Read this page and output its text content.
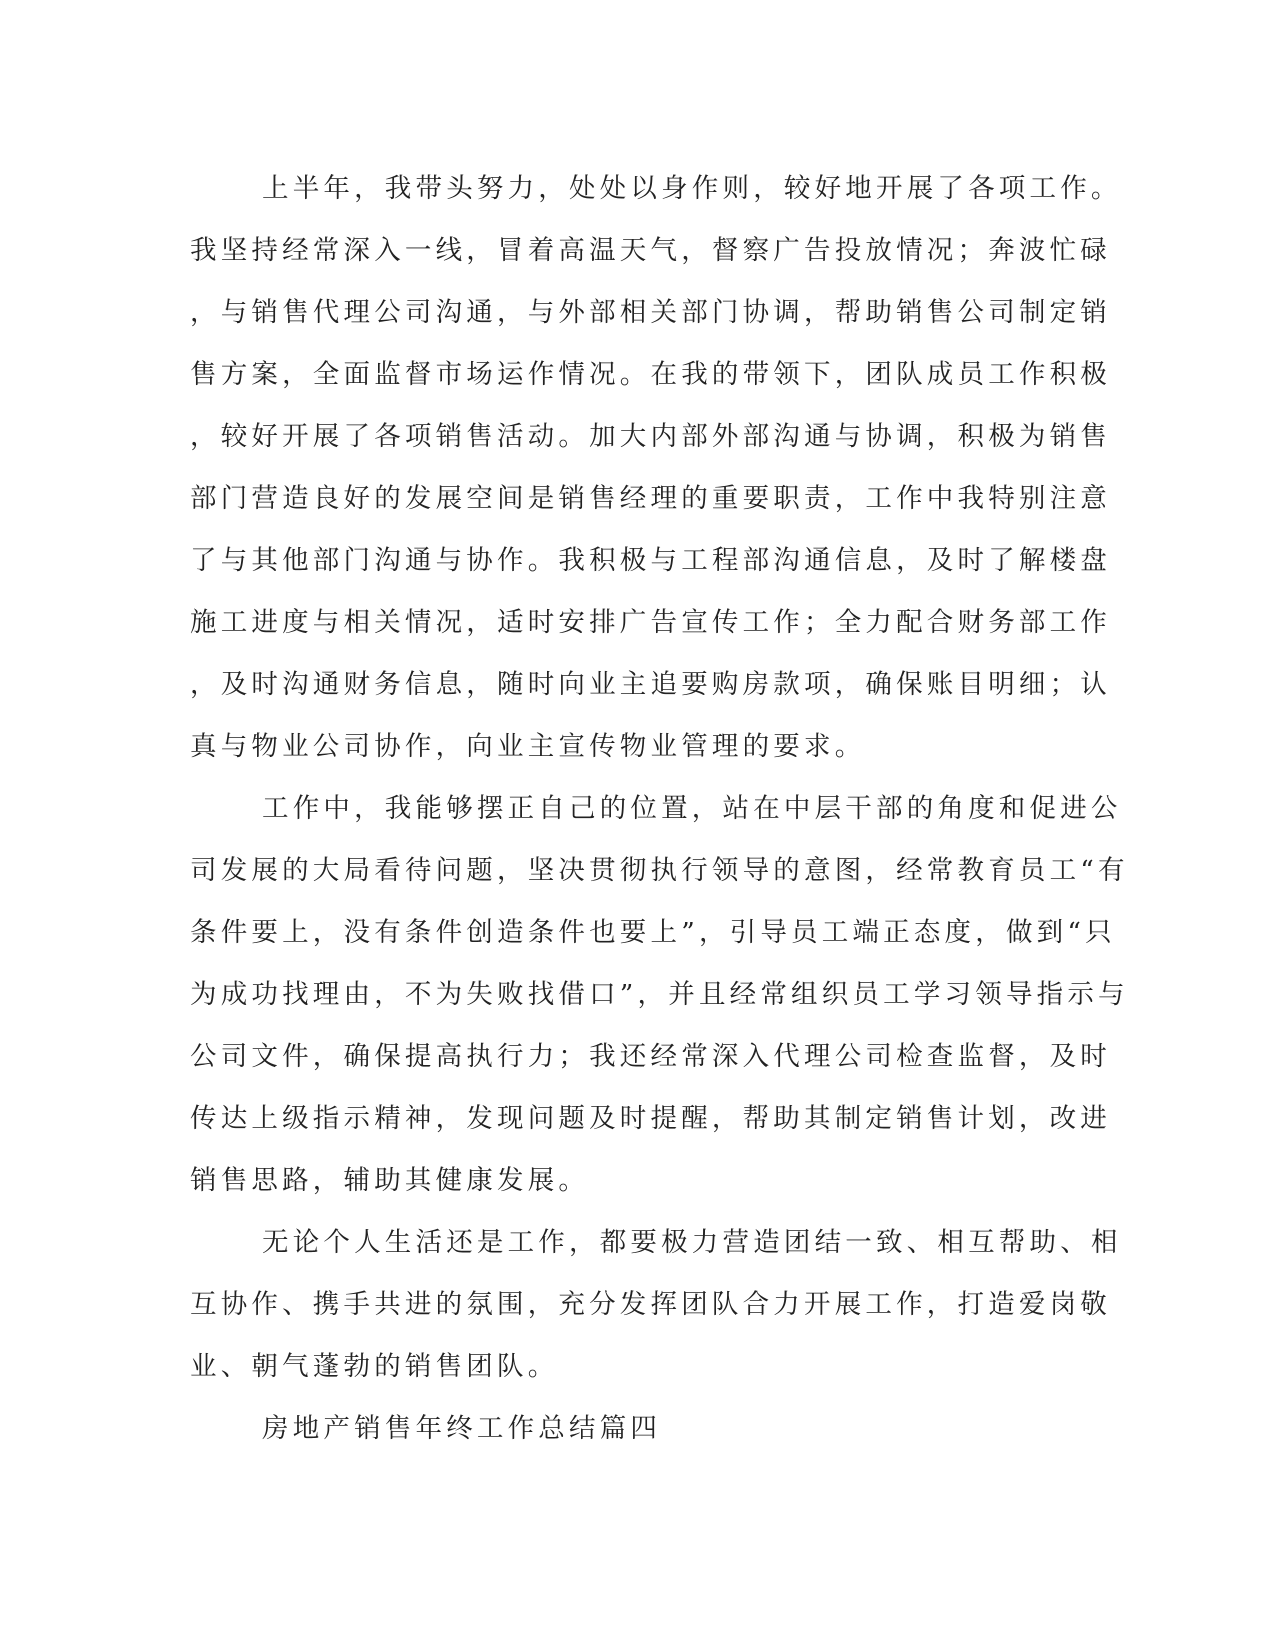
上半年，我带头努力，处处以身作则，较好地开展了各项工作。
我坚持经常深入一线，冒着高温天气，督察广告投放情况；奔波忙碌
，与销售代理公司沟通，与外部相关部门协调，帮助销售公司制定销
售方案，全面监督市场运作情况。在我的带领下，团队成员工作积极
，较好开展了各项销售活动。加大内部外部沟通与协调，积极为销售
部门营造良好的发展空间是销售经理的重要职责，工作中我特别注意
了与其他部门沟通与协作。我积极与工程部沟通信息，及时了解楼盘
施工进度与相关情况，适时安排广告宣传工作；全力配合财务部工作
，及时沟通财务信息，随时向业主追要购房款项，确保账目明细；认
真与物业公司协作，向业主宣传物业管理的要求。
工作中，我能够摆正自己的位置，站在中层干部的角度和促进公
司发展的大局看待问题，坚决贯彻执行领导的意图，经常教育员工“有
条件要上，没有条件创造条件也要上”，引导员工端正态度，做到“只
为成功找理由，不为失败找借口”，并且经常组织员工学习领导指示与
公司文件，确保提高执行力；我还经常深入代理公司检查监督，及时
传达上级指示精神，发现问题及时提醒，帮助其制定销售计划，改进
销售思路，辅助其健康发展。
无论个人生活还是工作，都要极力营造团结一致、相互帮助、相
互协作、携手共进的氛围，充分发挥团队合力开展工作，打造爱岗敬
业、朝气蓬勃的销售团队。
房地产销售年终工作总结篇四
